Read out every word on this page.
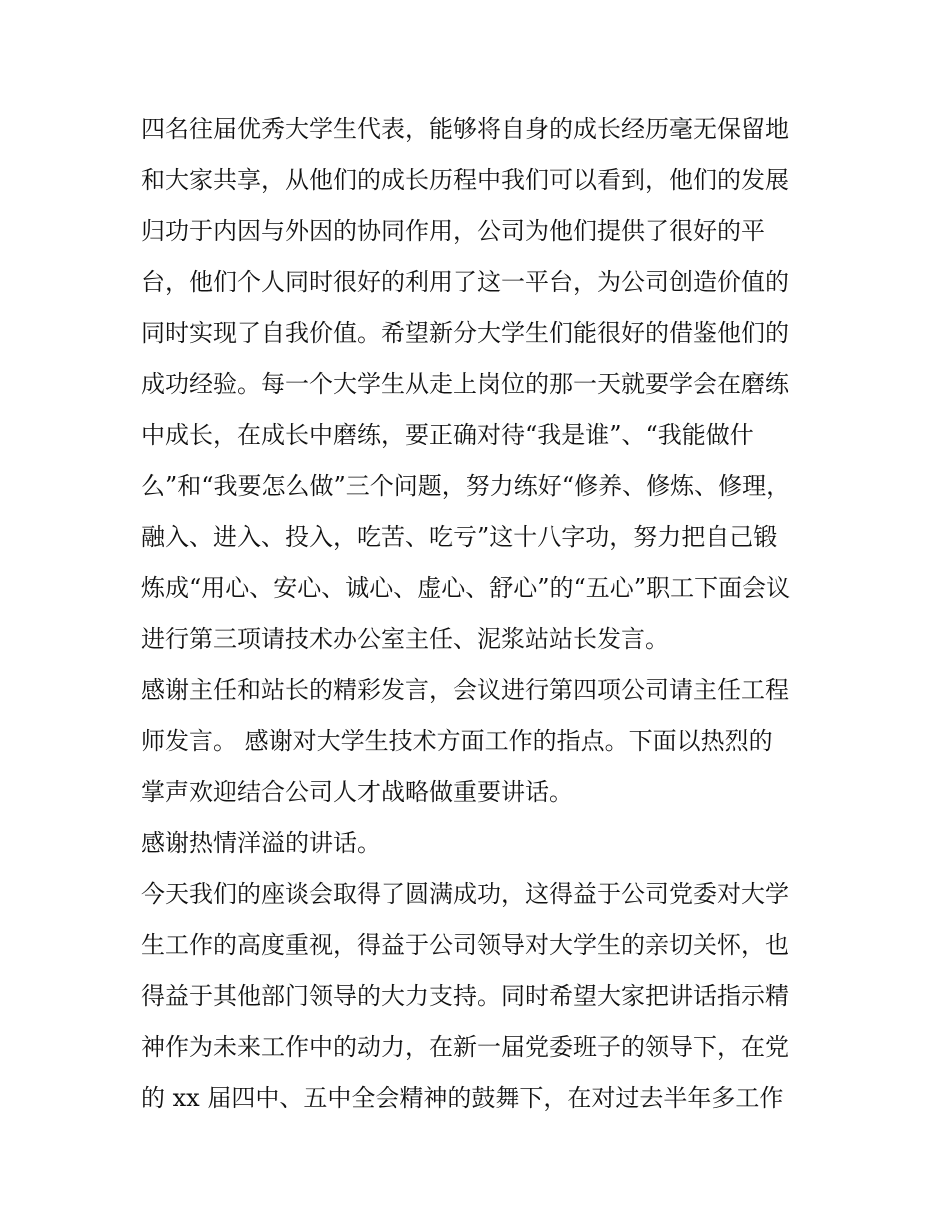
四名往届优秀大学生代表，能够将自身的成长经历毫无保留地
和大家共享，从他们的成长历程中我们可以看到，他们的发展
归功于内因与外因的协同作用，公司为他们提供了很好的平
台，他们个人同时很好的利用了这一平台，为公司创造价值的
同时实现了自我价值。希望新分大学生们能很好的借鉴他们的
成功经验。每一个大学生从走上岗位的那一天就要学会在磨练
中成长，在成长中磨练，要正确对待“我是谁”、“我能做什
么”和“我要怎么做”三个问题，努力练好“修养、修炼、修理，
融入、进入、投入，吃苦、吃亏”这十八字功，努力把自己锻
炼成“用心、安心、诚心、虚心、舒心”的“五心”职工下面会议
进行第三项请技术办公室主任、泥浆站站长发言。
感谢主任和站长的精彩发言，会议进行第四项公司请主任工程
师发言。 感谢对大学生技术方面工作的指点。下面以热烈的
掌声欢迎结合公司人才战略做重要讲话。
感谢热情洋溢的讲话。
今天我们的座谈会取得了圆满成功，这得益于公司党委对大学
生工作的高度重视，得益于公司领导对大学生的亲切关怀，也
得益于其他部门领导的大力支持。同时希望大家把讲话指示精
神作为未来工作中的动力，在新一届党委班子的领导下，在党
的 xx 届四中、五中全会精神的鼓舞下，在对过去半年多工作
